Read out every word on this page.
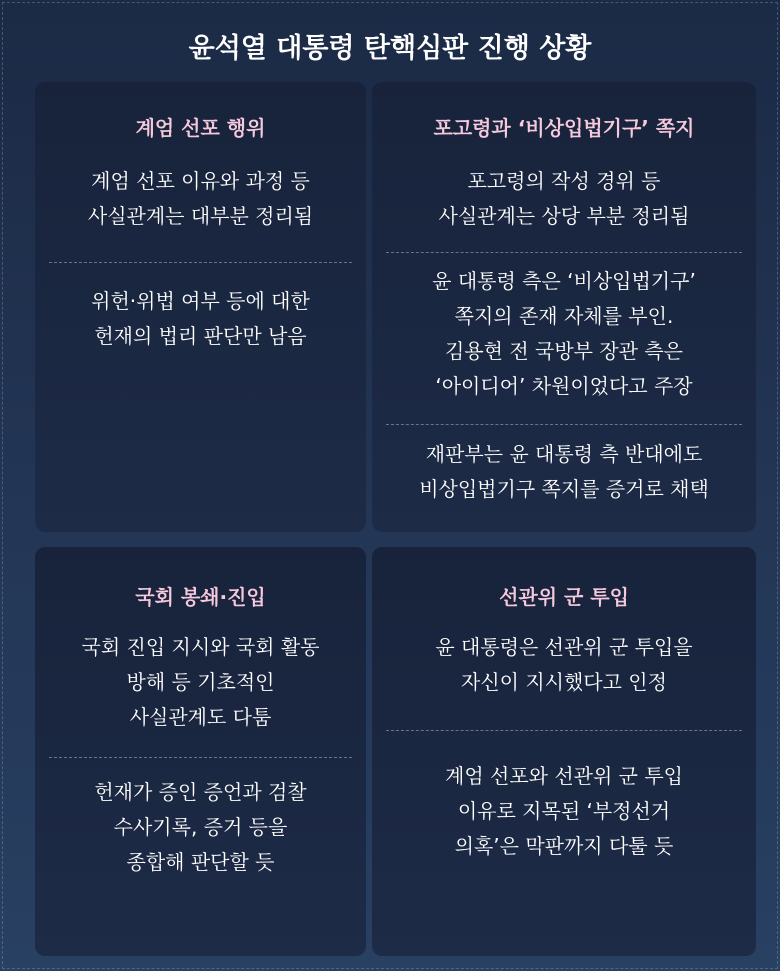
윤석열 대통령 탄핵심판 진행 상황
계엄 선포 행위
계엄 선포 이유와 과정 등
사실관계는 대부분 정리됨
위헌·위법 여부 등에 대한
헌재의 법리 판단만 남음
포고령과 ‘비상입법기구’ 쪽지
포고령의 작성 경위 등
사실관계는 상당 부분 정리됨
윤 대통령 측은 ‘비상입법기구’
쪽지의 존재 자체를 부인.
김용현 전 국방부 장관 측은
‘아이디어’ 차원이었다고 주장
재판부는 윤 대통령 측 반대에도
비상입법기구 쪽지를 증거로 채택
국회 봉쇄·진입
국회 진입 지시와 국회 활동
방해 등 기초적인
사실관계도 다툼
헌재가 증인 증언과 검찰
수사기록, 증거 등을
종합해 판단할 듯
선관위 군 투입
윤 대통령은 선관위 군 투입을
자신이 지시했다고 인정
계엄 선포와 선관위 군 투입
이유로 지목된 ‘부정선거
의혹’은 막판까지 다툴 듯
